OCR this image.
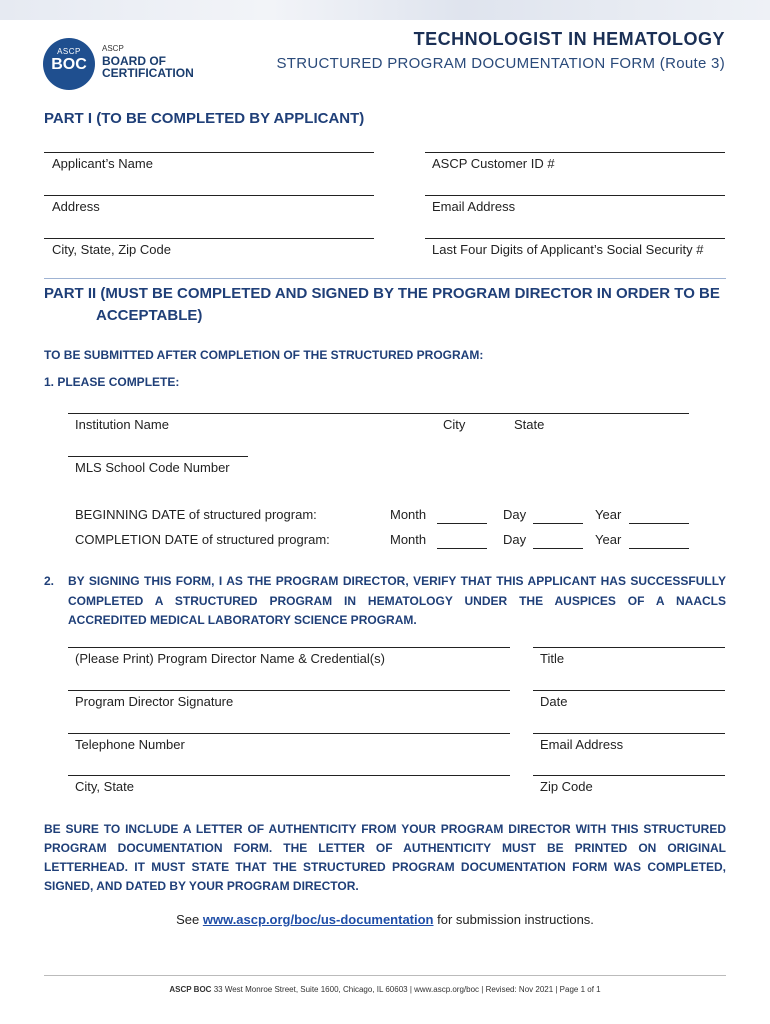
ASCP
BOC
ASCP
BOARD OF
CERTIFICATION
TECHNOLOGIST IN HEMATOLOGY
STRUCTURED PROGRAM DOCUMENTATION FORM (Route 3)
PART I (TO BE COMPLETED BY APPLICANT)
Applicant’s Name	ASCP Customer ID #
Address	Email Address
City, State, Zip Code	Last Four Digits of Applicant’s Social Security #
PART II (MUST BE COMPLETED AND SIGNED BY THE PROGRAM DIRECTOR IN ORDER TO BE
ACCEPTABLE)
TO BE SUBMITTED AFTER COMPLETION OF THE STRUCTURED PROGRAM:
1. PLEASE COMPLETE:
Institution Name	City	State
MLS School Code Number
BEGINNING DATE of structured program:	Month	Day	Year
COMPLETION DATE of structured program:	Month	Day	Year
2. BY SIGNING THIS FORM, I AS THE PROGRAM DIRECTOR, VERIFY THAT THIS APPLICANT HAS SUCCESSFULLY
COMPLETED A STRUCTURED PROGRAM IN HEMATOLOGY UNDER THE AUSPICES OF A NAACLS
ACCREDITED MEDICAL LABORATORY SCIENCE PROGRAM.
(Please Print) Program Director Name & Credential(s)	Title
Program Director Signature	Date
Telephone Number	Email Address
City, State	Zip Code
BE SURE TO INCLUDE A LETTER OF AUTHENTICITY FROM YOUR PROGRAM DIRECTOR WITH THIS STRUCTURED
PROGRAM DOCUMENTATION FORM. THE LETTER OF AUTHENTICITY MUST BE PRINTED ON ORIGINAL
LETTERHEAD. IT MUST STATE THAT THE STRUCTURED PROGRAM DOCUMENTATION FORM WAS COMPLETED,
SIGNED, AND DATED BY YOUR PROGRAM DIRECTOR.
See www.ascp.org/boc/us-documentation for submission instructions.
ASCP BOC 33 West Monroe Street, Suite 1600, Chicago, IL 60603 | www.ascp.org/boc | Revised: Nov 2021 | Page 1 of 1
